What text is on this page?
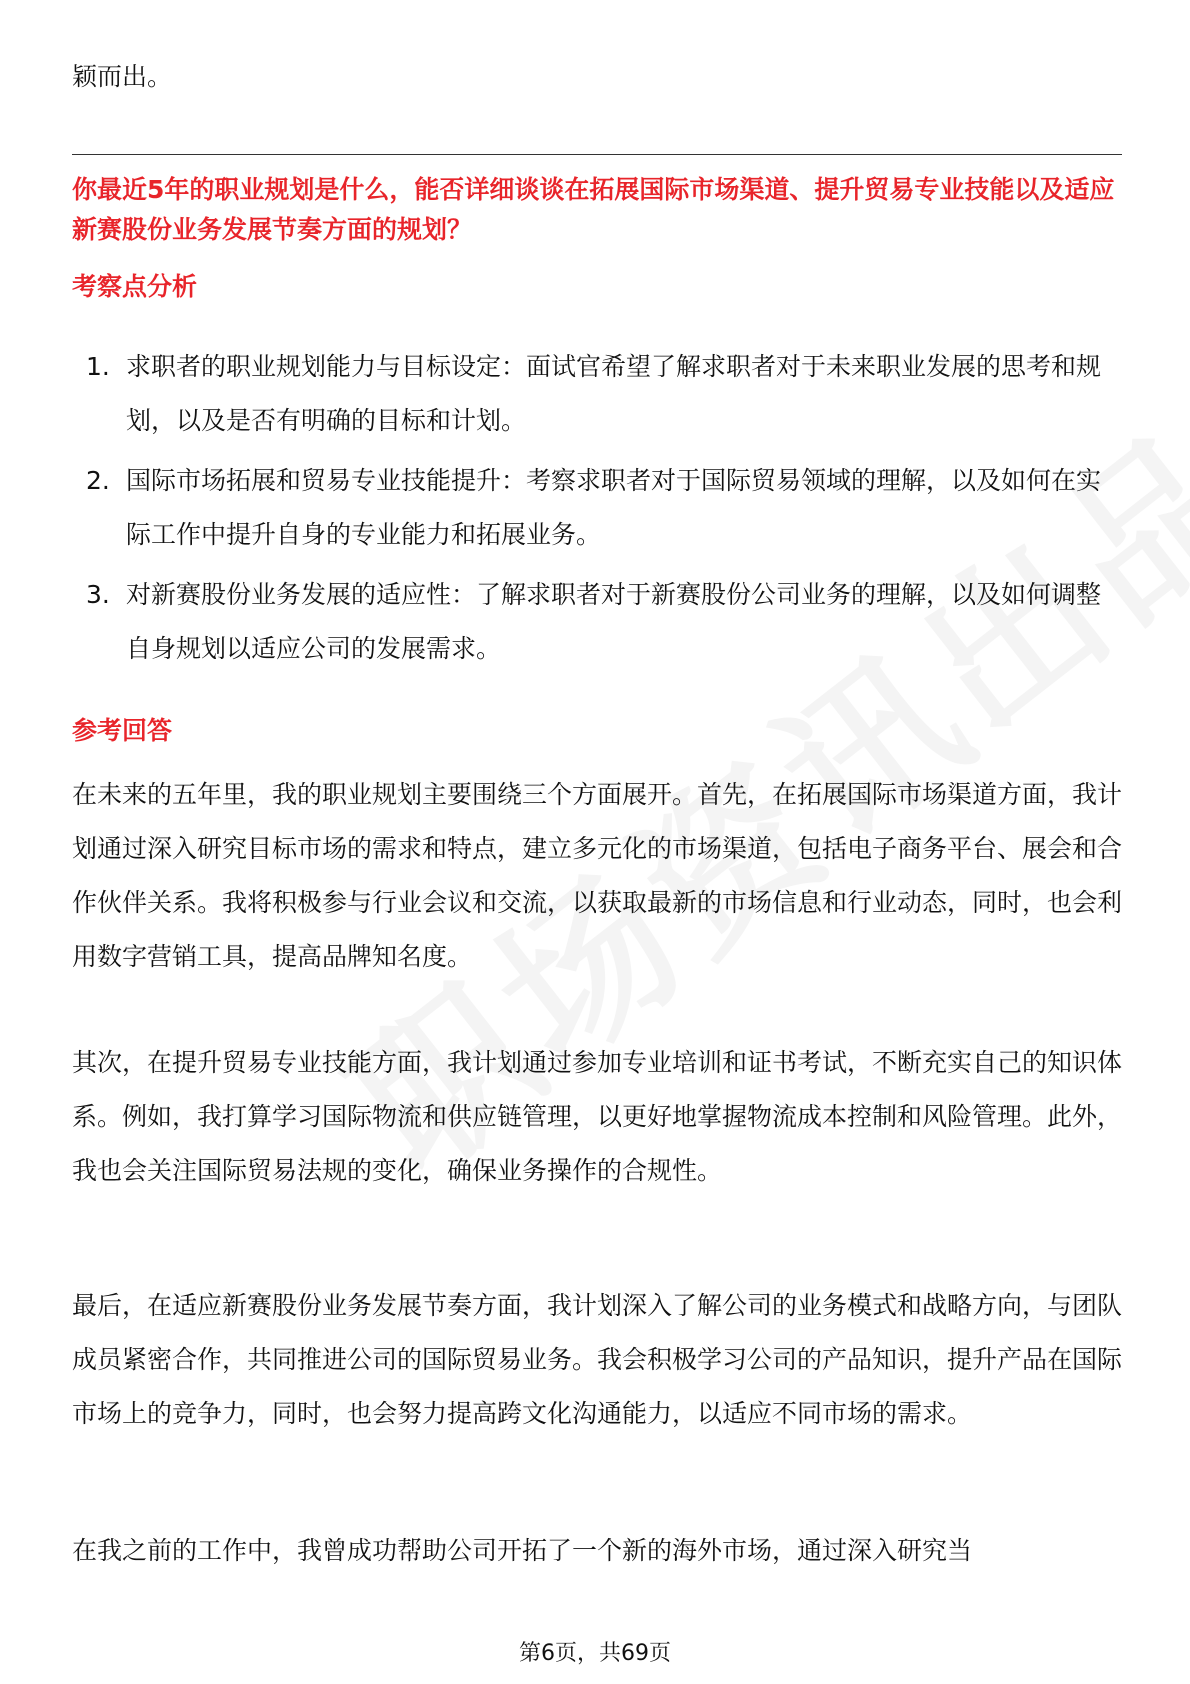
颖而出。
你最近5年的职业规划是什么，能否详细谈谈在拓展国际市场渠道、提升贸易专业技能以及适应新赛股份业务发展节奏方面的规划？
考察点分析
1. 求职者的职业规划能力与目标设定：面试官希望了解求职者对于未来职业发展的思考和规划，以及是否有明确的目标和计划。
2. 国际市场拓展和贸易专业技能提升：考察求职者对于国际贸易领域的理解，以及如何在实际工作中提升自身的专业能力和拓展业务。
3. 对新赛股份业务发展的适应性：了解求职者对于新赛股份公司业务的理解，以及如何调整自身规划以适应公司的发展需求。
参考回答
在未来的五年里，我的职业规划主要围绕三个方面展开。首先，在拓展国际市场渠道方面，我计划通过深入研究目标市场的需求和特点，建立多元化的市场渠道，包括电子商务平台、展会和合作伙伴关系。我将积极参与行业会议和交流，以获取最新的市场信息和行业动态，同时，也会利用数字营销工具，提高品牌知名度。
其次，在提升贸易专业技能方面，我计划通过参加专业培训和证书考试，不断充实自己的知识体系。例如，我打算学习国际物流和供应链管理，以更好地掌握物流成本控制和风险管理。此外，我也会关注国际贸易法规的变化，确保业务操作的合规性。
最后，在适应新赛股份业务发展节奏方面，我计划深入了解公司的业务模式和战略方向，与团队成员紧密合作，共同推进公司的国际贸易业务。我会积极学习公司的产品知识，提升产品在国际市场上的竞争力，同时，也会努力提高跨文化沟通能力，以适应不同市场的需求。
在我之前的工作中，我曾成功帮助公司开拓了一个新的海外市场，通过深入研究当
第6页，共69页
